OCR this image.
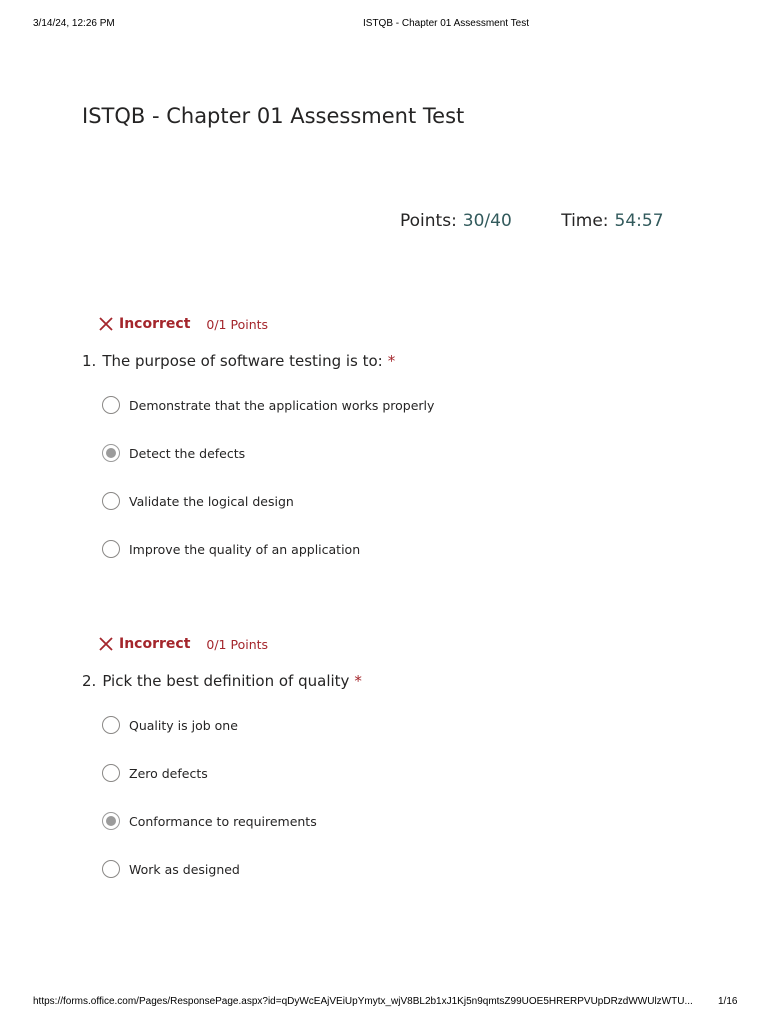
3/14/24, 12:26 PM	ISTQB - Chapter 01 Assessment Test
ISTQB - Chapter 01 Assessment Test
Points: 30/40	Time: 54:57
Incorrect 0/1 Points
1. The purpose of software testing is to: *
Demonstrate that the application works properly
Detect the defects
Validate the logical design
Improve the quality of an application
Incorrect 0/1 Points
2. Pick the best definition of quality *
Quality is job one
Zero defects
Conformance to requirements
Work as designed
https://forms.office.com/Pages/ResponsePage.aspx?id=qDyWcEAjVEiUpYmytx_wjV8BL2b1xJ1Kj5n9qmtsZ99UOE5HRERPVUpDRzdWWUlzWTU...	1/16
